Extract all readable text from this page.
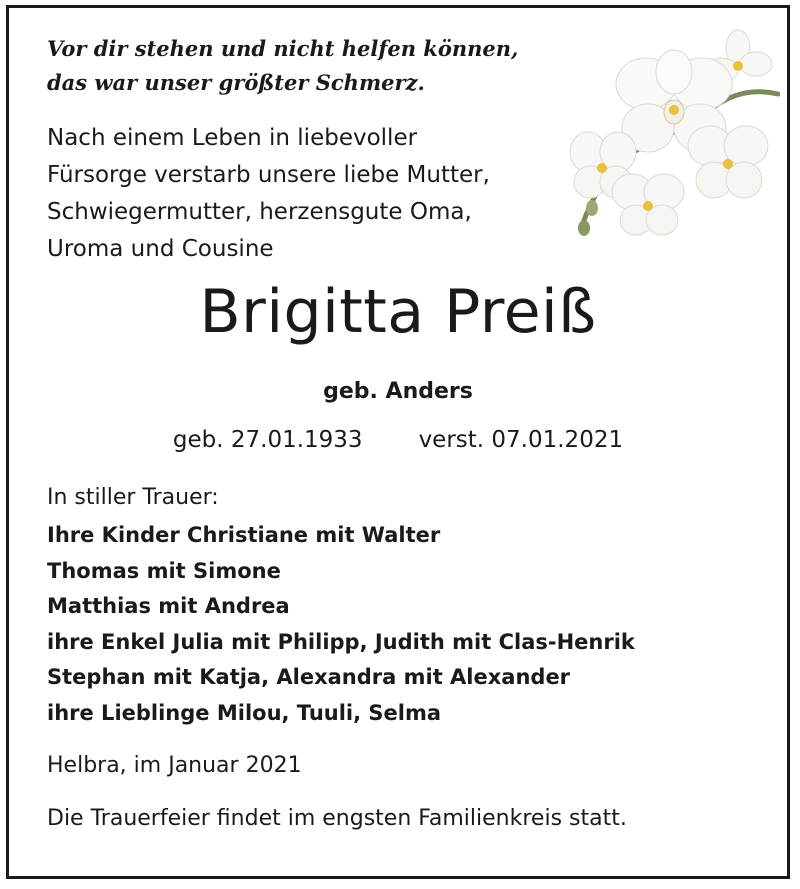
Vor dir stehen und nicht helfen können,
das war unser größter Schmerz.

Nach einem Leben in liebevoller
Fürsorge verstarb unsere liebe Mutter,
Schwiegermutter, herzensgute Oma,
Uroma und Cousine

Brigitta Preiß

geb. Anders

geb. 27.01.1933 verst. 07.01.2021

In stiller Trauer:

Ihre Kinder Christiane mit Walter
Thomas mit Simone
Matthias mit Andrea
ihre Enkel Julia mit Philipp, Judith mit Clas-Henrik
Stephan mit Katja, Alexandra mit Alexander
ihre Lieblinge Milou, Tuuli, Selma

Helbra, im Januar 2021

Die Trauerfeier findet im engsten Familienkreis statt.
